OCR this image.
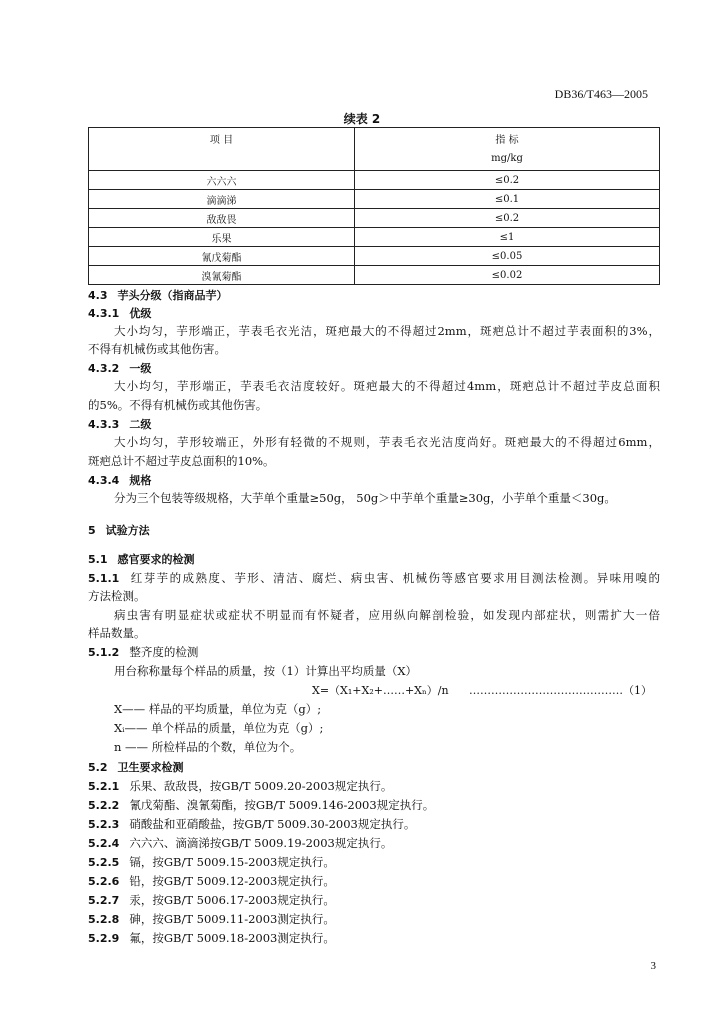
DB36/T463—2005
续表 2
项 目	指 标
mg/kg

六六六	≤0.2
滴滴涕	≤0.1
敌敌畏	≤0.2
乐果	≤1
氰戊菊酯	≤0.05
溴氰菊酯	≤0.02
4.3 芋头分级（指商品芋）
4.3.1 优级
大小均匀，芋形端正，芋表毛衣光洁，斑疤最大的不得超过2mm，斑疤总计不超过芋表面积的3%，
不得有机械伤或其他伤害。
4.3.2 一级
大小均匀，芋形端正，芋表毛衣洁度较好。斑疤最大的不得超过4mm，斑疤总计不超过芋皮总面积
的5%。不得有机械伤或其他伤害。
4.3.3 二级
大小均匀，芋形较端正，外形有轻微的不规则，芋表毛衣光洁度尚好。斑疤最大的不得超过6mm，
斑疤总计不超过芋皮总面积的10%。
4.3.4 规格
分为三个包装等级规格，大芋单个重量≥50g， 50g＞中芋单个重量≥30g，小芋单个重量＜30g。
5 试验方法
5.1 感官要求的检测
5.1.1 红芽芋的成熟度、芋形、清洁、腐烂、病虫害、机械伤等感官要求用目测法检测。异味用嗅的
方法检测。
病虫害有明显症状或症状不明显而有怀疑者，应用纵向解剖检验，如发现内部症状，则需扩大一倍
样品数量。
5.1.2 整齐度的检测
用台称称量每个样品的质量，按（1）计算出平均质量（X）
X=（X₁+X₂+……+Xₙ）/n ……………………………………（1）
X—— 样品的平均质量，单位为克（g）;
Xᵢ—— 单个样品的质量，单位为克（g）;
n —— 所检样品的个数，单位为个。
5.2 卫生要求检测
5.2.1 乐果、敌敌畏，按GB/T 5009.20-2003规定执行。
5.2.2 氰戊菊酯、溴氰菊酯，按GB/T 5009.146-2003规定执行。
5.2.3 硝酸盐和亚硝酸盐，按GB/T 5009.30-2003规定执行。
5.2.4 六六六、滴滴涕按GB/T 5009.19-2003规定执行。
5.2.5 镉，按GB/T 5009.15-2003规定执行。
5.2.6 铅，按GB/T 5009.12-2003规定执行。
5.2.7 汞，按GB/T 5006.17-2003规定执行。
5.2.8 砷，按GB/T 5009.11-2003测定执行。
5.2.9 氟，按GB/T 5009.18-2003测定执行。
3
